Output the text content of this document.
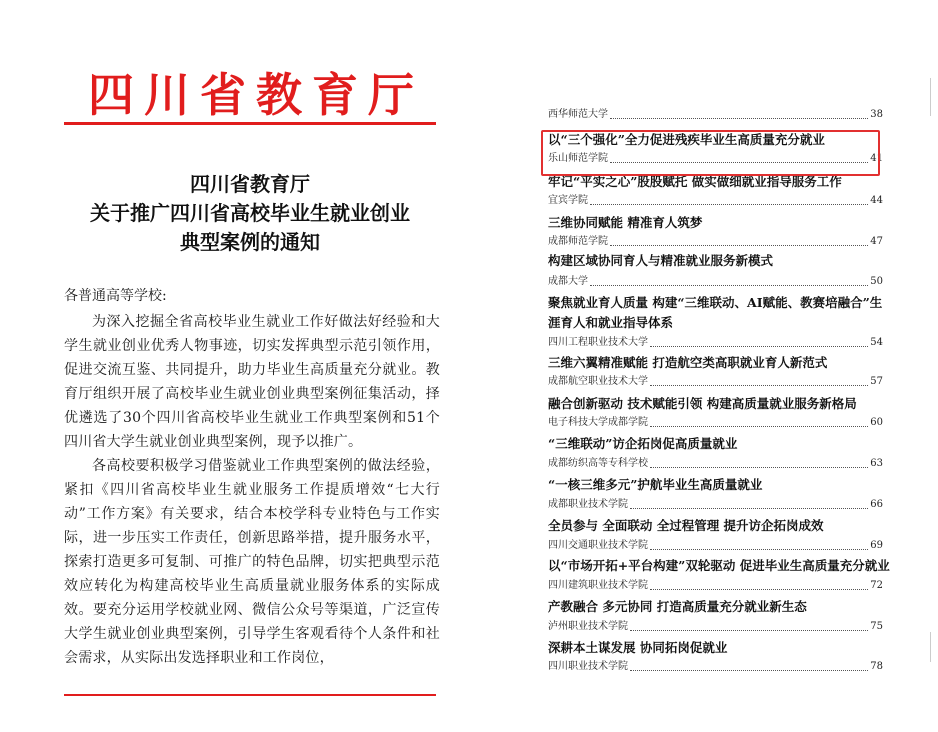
四 川 省 教 育 厅
四川省教育厅
关于推广四川省高校毕业生就业创业
典型案例的通知
各普通高等学校:

为深入挖掘全省高校毕业生就业工作好做法好经验和大学生就业创业优秀人物事迹，切实发挥典型示范引领作用，促进交流互鉴、共同提升，助力毕业生高质量充分就业。教育厅组织开展了高校毕业生就业创业典型案例征集活动，择优遴选了30个四川省高校毕业生就业工作典型案例和51个四川省大学生就业创业典型案例，现予以推广。

各高校要积极学习借鉴就业工作典型案例的做法经验，紧扣《四川省高校毕业生就业服务工作提质增效“七大行动”工作方案》有关要求，结合本校学科专业特色与工作实际，进一步压实工作责任，创新思路举措，提升服务水平，探索打造更多可复制、可推广的特色品牌，切实把典型示范效应转化为构建高校毕业生高质量就业服务体系的实际成效。要充分运用学校就业网、微信公众号等渠道，广泛宣传大学生就业创业典型案例，引导学生客观看待个人条件和社会需求，从实际出发选择职业和工作岗位，

西华师范大学	38
以“三个强化”全力促进残疾毕业生高质量充分就业
乐山师范学院	41
牢记“平实之心”股股赋托 做实做细就业指导服务工作
宜宾学院	44
三维协同赋能 精准育人筑梦
成都师范学院	47
构建区域协同育人与精准就业服务新模式
成都大学	50
聚焦就业育人质量 构建“三维联动、AI赋能、教赛培融合”生涯育人和就业指导体系
四川工程职业技术大学	54
三维六翼精准赋能 打造航空类高职就业育人新范式
成都航空职业技术大学	57
融合创新驱动 技术赋能引领 构建高质量就业服务新格局
电子科技大学成都学院	60
“三维联动”访企拓岗促高质量就业
成都纺织高等专科学校	63
“一核三维多元”护航毕业生高质量就业
成都职业技术学院	66
全员参与 全面联动 全过程管理 提升访企拓岗成效
四川交通职业技术学院	69
以“市场开拓+平台构建”双轮驱动 促进毕业生高质量充分就业
四川建筑职业技术学院	72
产教融合 多元协同 打造高质量充分就业新生态
泸州职业技术学院	75
深耕本土谋发展 协同拓岗促就业
四川职业技术学院	78
